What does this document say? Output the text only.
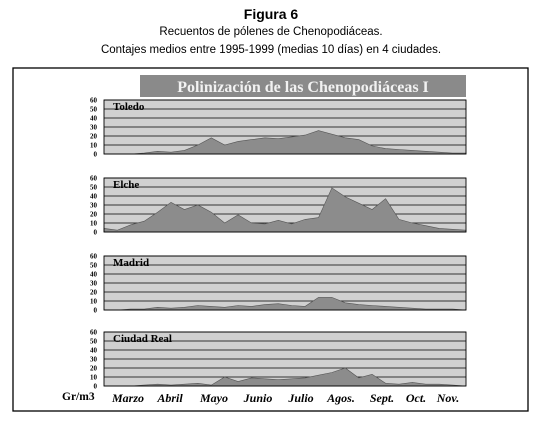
Figura 6
Recuentos de pólenes de Chenopodiáceas.
Contajes medios entre 1995-1999 (medias 10 días) en 4 ciudades.
Polinización de las Chenopodiáceas I
0
10
20
30
40
50
60
Toledo
0
10
20
30
40
50
60
Elche
0
10
20
30
40
50
60
Madrid
0
10
20
30
40
50
60
Ciudad Real
Gr/m3 Marzo Abril Mayo Junio Julio Agos. Sept. Oct. Nov.
